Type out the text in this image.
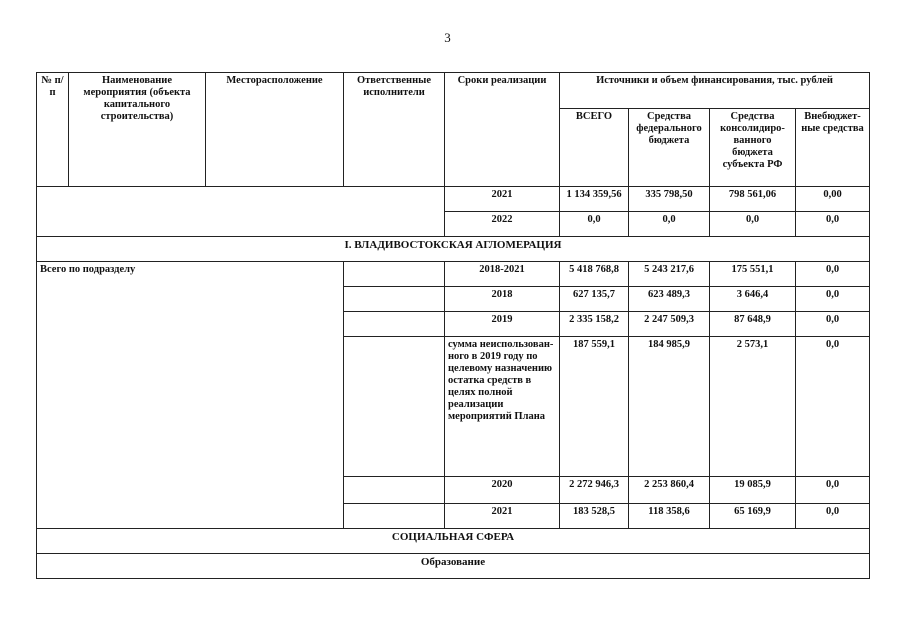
3
№ п/п	Наименование мероприятия (объекта капитального строительства)	Месторасположение	Ответственные исполнители	Сроки реализации	Источники и объем финансирования, тыс. рублей			
					ВСЕГО	Средства федерального бюджета	Средства консолидиро-ванного бюджета субъекта РФ	Внебюджет-ные средства
				2021	1 134 359,56	335 798,50	798 561,06	0,00
				2022	0,0	0,0	0,0	0,0
I. ВЛАДИВОСТОКСКАЯ АГЛОМЕРАЦИЯ								
Всего по подразделу				2018-2021	5 418 768,8	5 243 217,6	175 551,1	0,0
				2018	627 135,7	623 489,3	3 646,4	0,0
				2019	2 335 158,2	2 247 509,3	87 648,9	0,0
				сумма неиспользован-ного в 2019 году по целевому назначению остатка средств в целях полной реализации мероприятий Плана	187 559,1	184 985,9	2 573,1	0,0
				2020	2 272 946,3	2 253 860,4	19 085,9	0,0
				2021	183 528,5	118 358,6	65 169,9	0,0
СОЦИАЛЬНАЯ СФЕРА								
Образование								
